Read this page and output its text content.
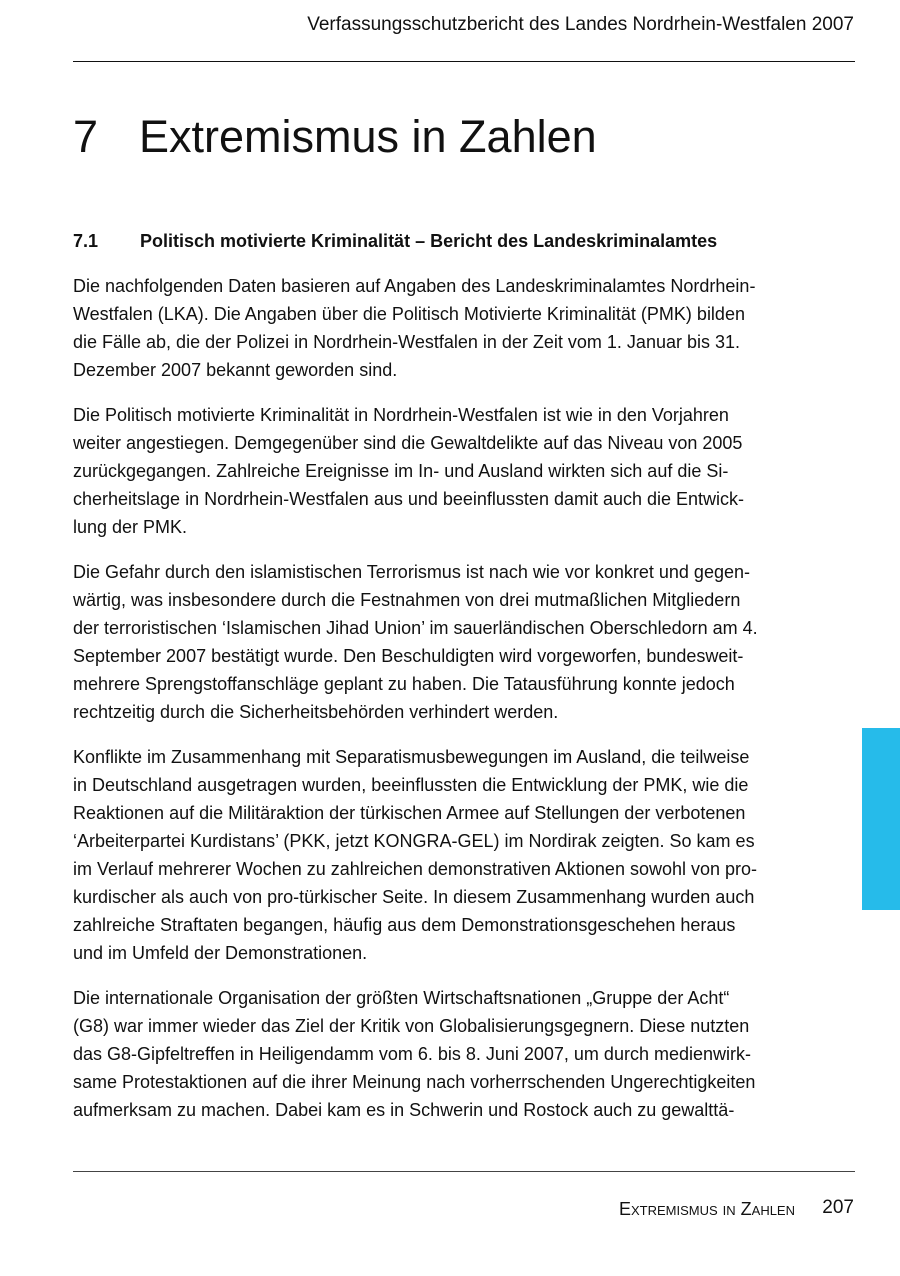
Verfassungsschutzbericht des Landes Nordrhein-Westfalen 2007
7 Extremismus in Zahlen
7.1 Politisch motivierte Kriminalität – Bericht des Landeskriminalamtes

Die nachfolgenden Daten basieren auf Angaben des Landeskriminalamtes Nordrhein-
Westfalen (LKA). Die Angaben über die Politisch Motivierte Kriminalität (PMK) bilden
die Fälle ab, die der Polizei in Nordrhein-Westfalen in der Zeit vom 1. Januar bis 31.
Dezember 2007 bekannt geworden sind.

Die Politisch motivierte Kriminalität in Nordrhein-Westfalen ist wie in den Vorjahren
weiter angestiegen. Demgegenüber sind die Gewaltdelikte auf das Niveau von 2005
zurückgegangen. Zahlreiche Ereignisse im In- und Ausland wirkten sich auf die Si-
cherheitslage in Nordrhein-Westfalen aus und beeinflussten damit auch die Entwick-
lung der PMK.

Die Gefahr durch den islamistischen Terrorismus ist nach wie vor konkret und gegen-
wärtig, was insbesondere durch die Festnahmen von drei mutmaßlichen Mitgliedern
der terroristischen ‘Islamischen Jihad Union’ im sauerländischen Oberschledorn am 4.
September 2007 bestätigt wurde. Den Beschuldigten wird vorgeworfen, bundesweit-
mehrere Sprengstoffanschläge geplant zu haben. Die Tatausführung konnte jedoch
rechtzeitig durch die Sicherheitsbehörden verhindert werden.

Konflikte im Zusammenhang mit Separatismusbewegungen im Ausland, die teilweise
in Deutschland ausgetragen wurden, beeinflussten die Entwicklung der PMK, wie die
Reaktionen auf die Militäraktion der türkischen Armee auf Stellungen der verbotenen
‘Arbeiterpartei Kurdistans’ (PKK, jetzt KONGRA-GEL) im Nordirak zeigten. So kam es
im Verlauf mehrerer Wochen zu zahlreichen demonstrativen Aktionen sowohl von pro-
kurdischer als auch von pro-türkischer Seite. In diesem Zusammenhang wurden auch
zahlreiche Straftaten begangen, häufig aus dem Demonstrationsgeschehen heraus
und im Umfeld der Demonstrationen.

Die internationale Organisation der größten Wirtschaftsnationen „Gruppe der Acht“
(G8) war immer wieder das Ziel der Kritik von Globalisierungsgegnern. Diese nutzten
das G8-Gipfeltreffen in Heiligendamm vom 6. bis 8. Juni 2007, um durch medienwirk-
same Protestaktionen auf die ihrer Meinung nach vorherrschenden Ungerechtigkeiten
aufmerksam zu machen. Dabei kam es in Schwerin und Rostock auch zu gewalttä-

Extremismus in Zahlen 207
